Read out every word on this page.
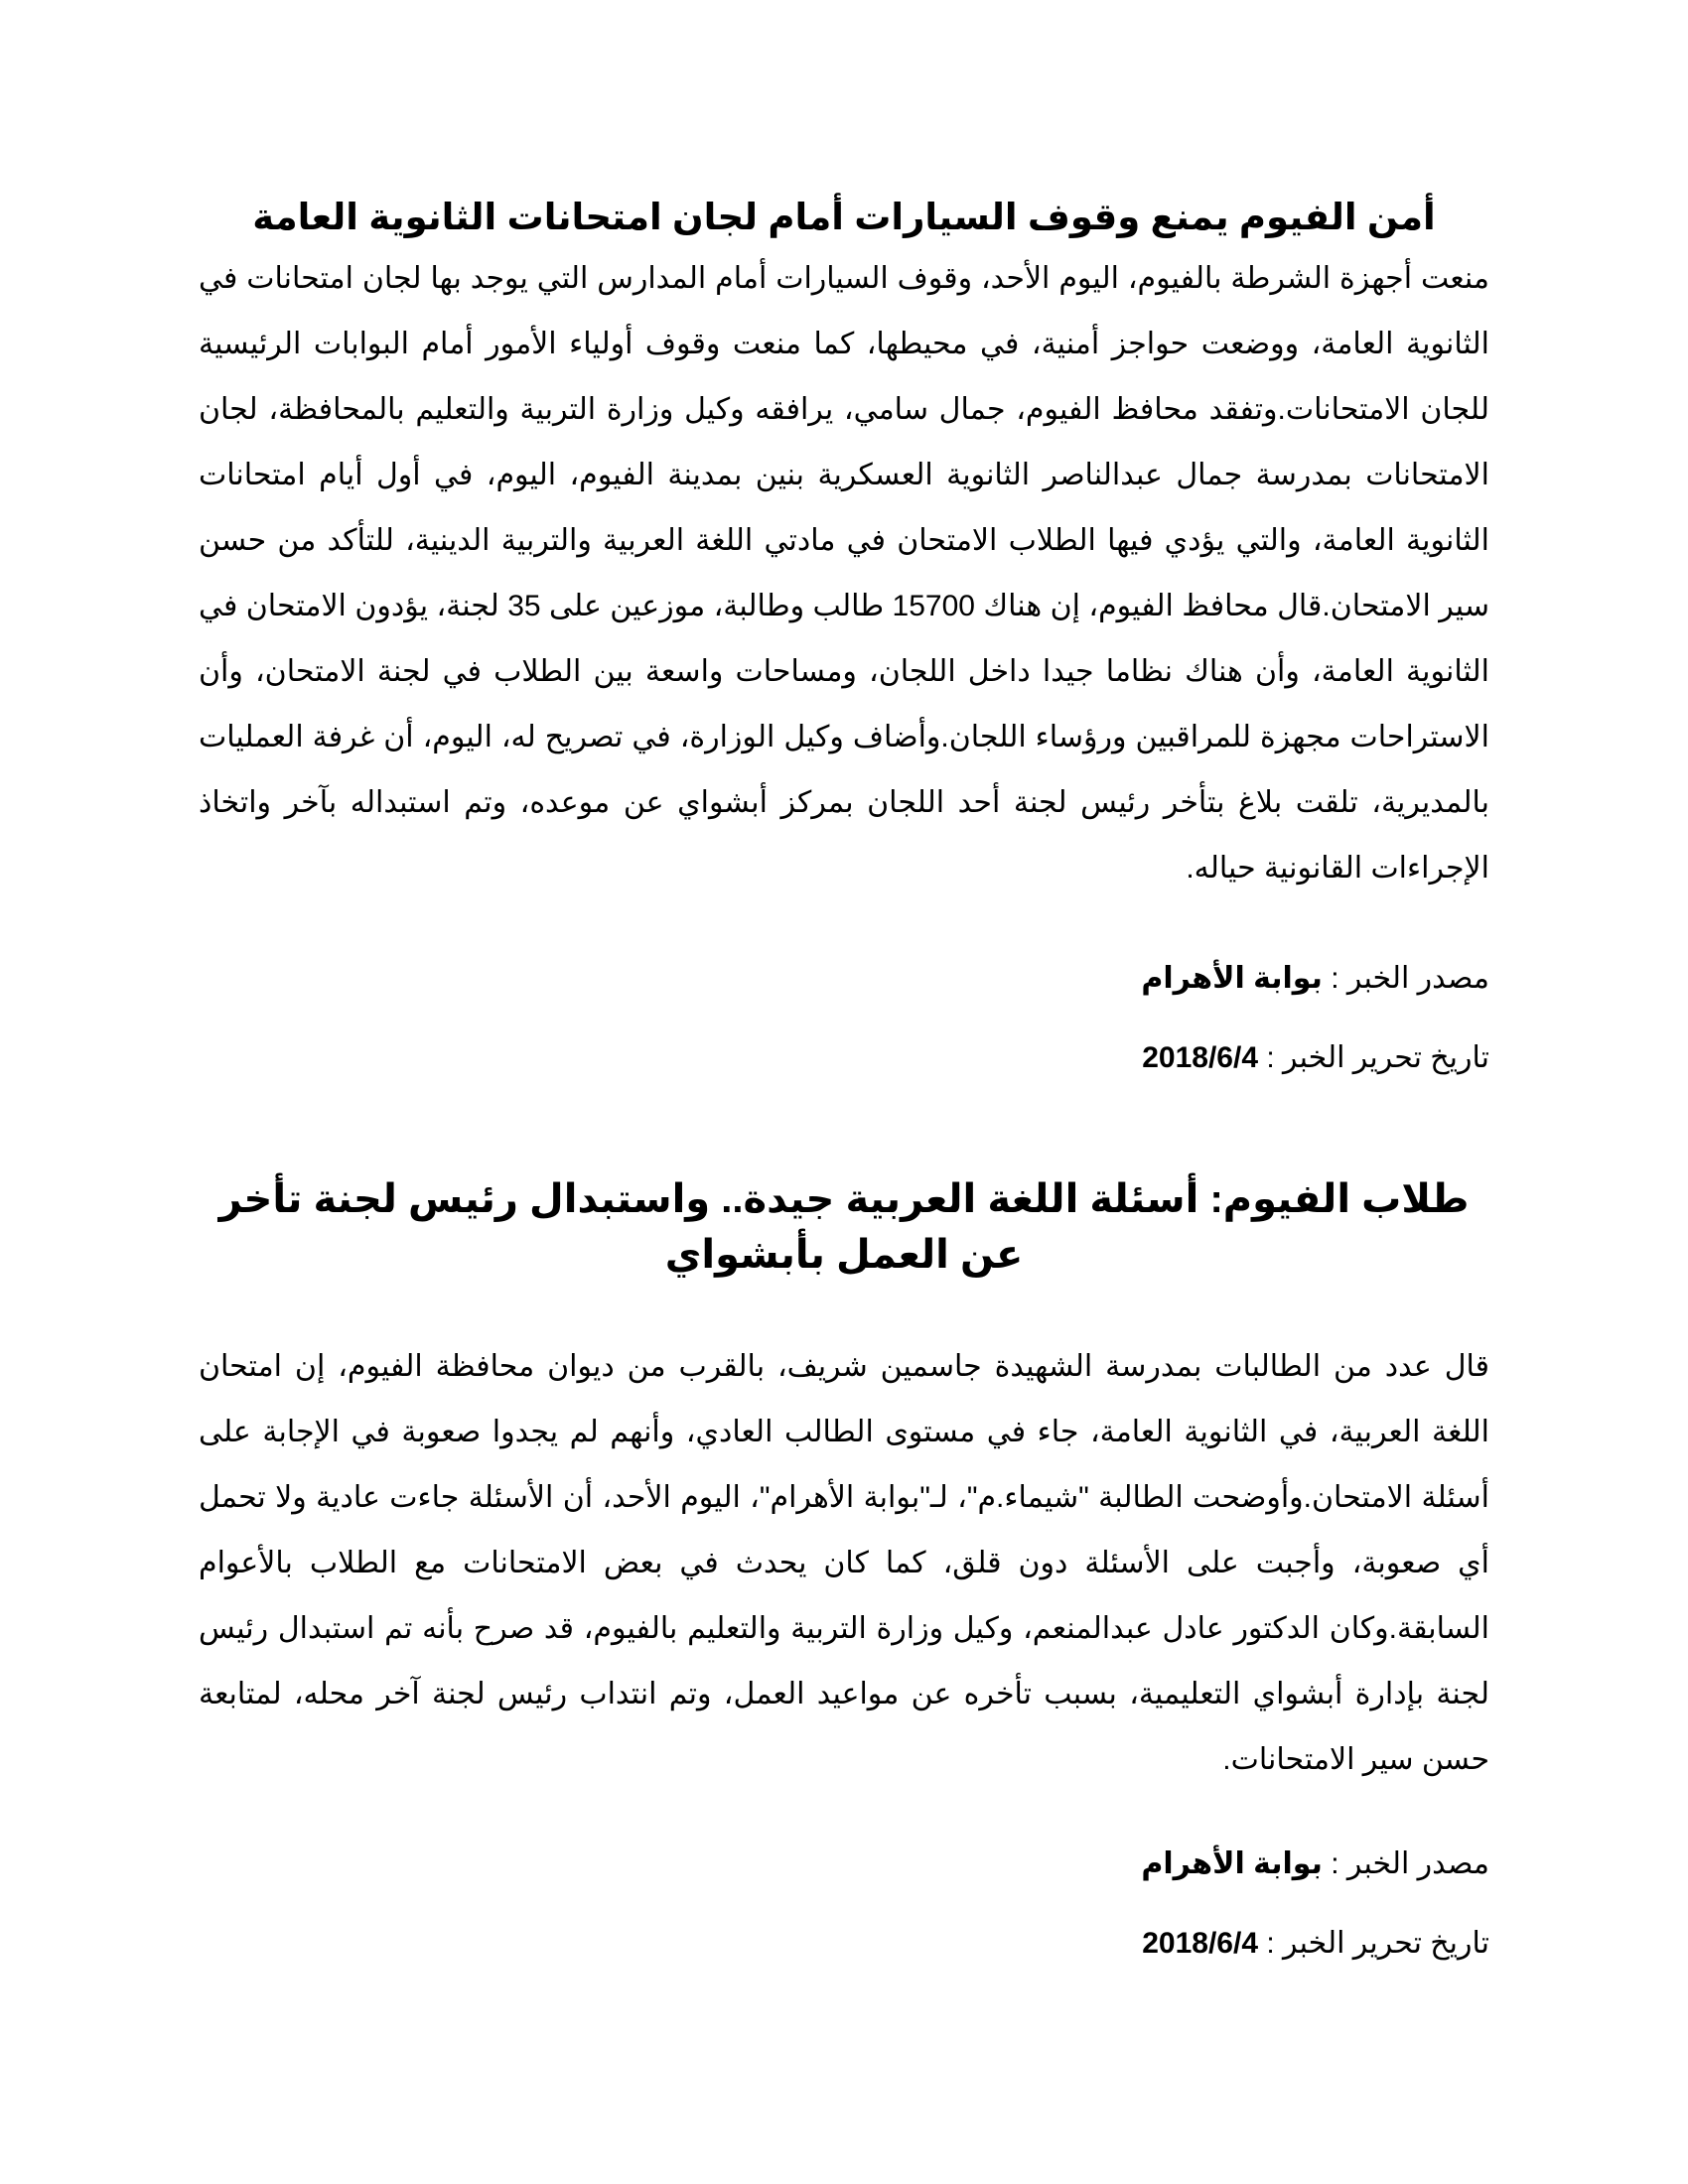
أمن الفيوم يمنع وقوف السيارات أمام لجان امتحانات الثانوية العامة

منعت أجهزة الشرطة بالفيوم، اليوم الأحد، وقوف السيارات أمام المدارس التي يوجد بها لجان امتحانات في الثانوية العامة، ووضعت حواجز أمنية، في محيطها، كما منعت وقوف أولياء الأمور أمام البوابات الرئيسية للجان الامتحانات.وتفقد محافظ الفيوم، جمال سامي، يرافقه وكيل وزارة التربية والتعليم بالمحافظة، لجان الامتحانات بمدرسة جمال عبدالناصر الثانوية العسكرية بنين بمدينة الفيوم، اليوم، في أول أيام امتحانات الثانوية العامة، والتي يؤدي فيها الطلاب الامتحان في مادتي اللغة العربية والتربية الدينية، للتأكد من حسن سير الامتحان.قال محافظ الفيوم، إن هناك 15700 طالب وطالبة، موزعين على 35 لجنة، يؤدون الامتحان في الثانوية العامة، وأن هناك نظاما جيدا داخل اللجان، ومساحات واسعة بين الطلاب في لجنة الامتحان، وأن الاستراحات مجهزة للمراقبين ورؤساء اللجان.وأضاف وكيل الوزارة، في تصريح له، اليوم، أن غرفة العمليات بالمديرية، تلقت بلاغ بتأخر رئيس لجنة أحد اللجان بمركز أبشواي عن موعده، وتم استبداله بآخر واتخاذ الإجراءات القانونية حياله.

مصدر الخبر : بوابة الأهرام

تاريخ تحرير الخبر : 2018/6/4

طلاب الفيوم: أسئلة اللغة العربية جيدة.. واستبدال رئيس لجنة تأخر عن العمل بأبشواي

قال عدد من الطالبات بمدرسة الشهيدة جاسمين شريف، بالقرب من ديوان محافظة الفيوم، إن امتحان اللغة العربية، في الثانوية العامة، جاء في مستوى الطالب العادي، وأنهم لم يجدوا صعوبة في الإجابة على أسئلة الامتحان.وأوضحت الطالبة "شيماء.م"، لـ"بوابة الأهرام"، اليوم الأحد، أن الأسئلة جاءت عادية ولا تحمل أي صعوبة، وأجبت على الأسئلة دون قلق، كما كان يحدث في بعض الامتحانات مع الطلاب بالأعوام السابقة.وكان الدكتور عادل عبدالمنعم، وكيل وزارة التربية والتعليم بالفيوم، قد صرح بأنه تم استبدال رئيس لجنة بإدارة أبشواي التعليمية، بسبب تأخره عن مواعيد العمل، وتم انتداب رئيس لجنة آخر محله، لمتابعة حسن سير الامتحانات.

مصدر الخبر : بوابة الأهرام

تاريخ تحرير الخبر : 2018/6/4
